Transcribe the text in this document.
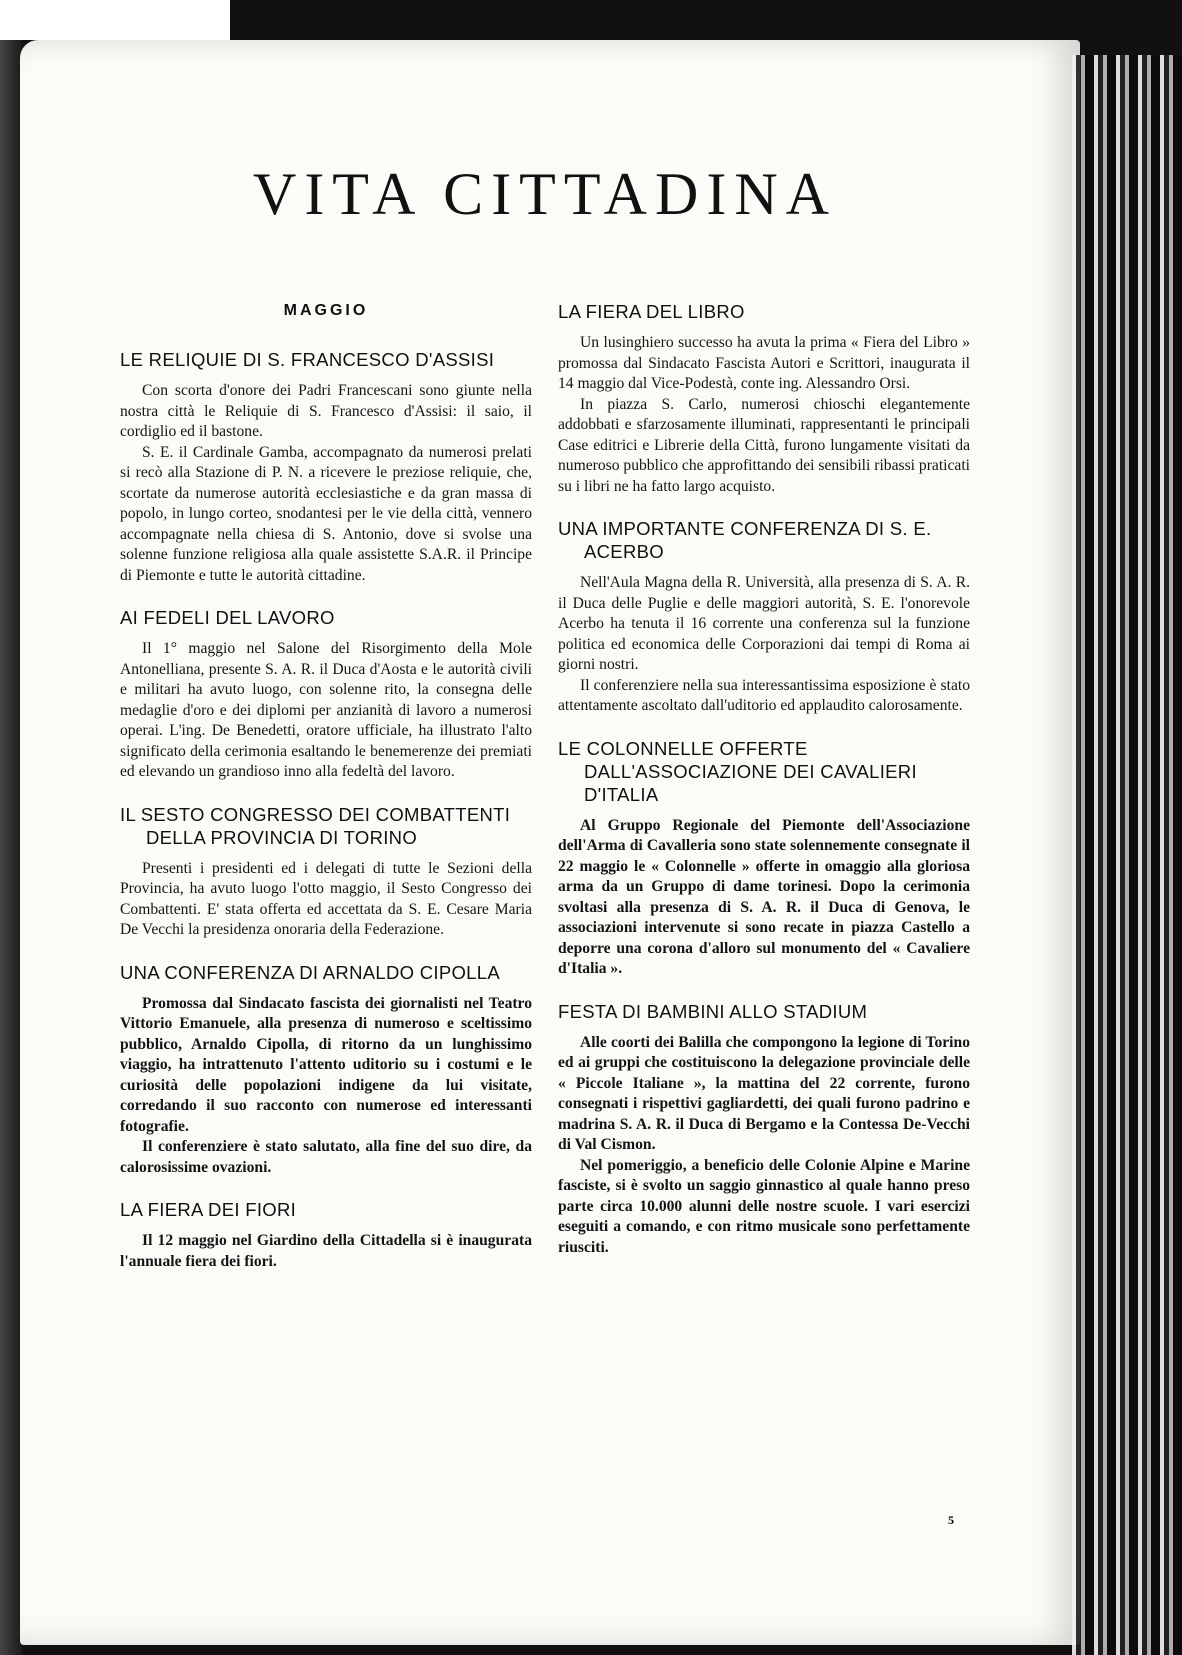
VITA CITTADINA
MAGGIO
LE RELIQUIE DI S. FRANCESCO D'ASSISI

Con scorta d'onore dei Padri Francescani sono giunte nella nostra città le Reliquie di S. Francesco d'Assisi: il saio, il cordiglio ed il bastone.

S. E. il Cardinale Gamba, accompagnato da numerosi prelati si recò alla Stazione di P. N. a ricevere le preziose reliquie, che, scortate da numerose autorità ecclesiastiche e da gran massa di popolo, in lungo corteo, snodantesi per le vie della città, vennero accompagnate nella chiesa di S. Antonio, dove si svolse una solenne funzione religiosa alla quale assistette S.A.R. il Principe di Piemonte e tutte le autorità cittadine.

AI FEDELI DEL LAVORO

Il 1° maggio nel Salone del Risorgimento della Mole Antonelliana, presente S. A. R. il Duca d'Aosta e le autorità civili e militari ha avuto luogo, con solenne rito, la consegna delle medaglie d'oro e dei diplomi per anzianità di lavoro a numerosi operai. L'ing. De Benedetti, oratore ufficiale, ha illustrato l'alto significato della cerimonia esaltando le benemerenze dei premiati ed elevando un grandioso inno alla fedeltà del lavoro.

IL SESTO CONGRESSO DEI COMBATTENTI DELLA PROVINCIA DI TORINO

Presenti i presidenti ed i delegati di tutte le Sezioni della Provincia, ha avuto luogo l'otto maggio, il Sesto Congresso dei Combattenti. E' stata offerta ed accettata da S. E. Cesare Maria De Vecchi la presidenza onoraria della Federazione.

UNA CONFERENZA DI ARNALDO CIPOLLA

Promossa dal Sindacato fascista dei giornalisti nel Teatro Vittorio Emanuele, alla presenza di numeroso e sceltissimo pubblico, Arnaldo Cipolla, di ritorno da un lunghissimo viaggio, ha intrattenuto l'attento uditorio su i costumi e le curiosità delle popolazioni indigene da lui visitate, corredando il suo racconto con numerose ed interessanti fotografie.

Il conferenziere è stato salutato, alla fine del suo dire, da calorosissime ovazioni.

LA FIERA DEI FIORI

Il 12 maggio nel Giardino della Cittadella si è inaugurata l'annuale fiera dei fiori.

LA FIERA DEL LIBRO

Un lusinghiero successo ha avuta la prima « Fiera del Libro » promossa dal Sindacato Fascista Autori e Scrittori, inaugurata il 14 maggio dal Vice-Podestà, conte ing. Alessandro Orsi.

In piazza S. Carlo, numerosi chioschi elegantemente addobbati e sfarzosamente illuminati, rappresentanti le principali Case editrici e Librerie della Città, furono lungamente visitati da numeroso pubblico che approfittando dei sensibili ribassi praticati su i libri ne ha fatto largo acquisto.

UNA IMPORTANTE CONFERENZA DI S. E. ACERBO

Nell'Aula Magna della R. Università, alla presenza di S. A. R. il Duca delle Puglie e delle maggiori autorità, S. E. l'onorevole Acerbo ha tenuta il 16 corrente una conferenza sul la funzione politica ed economica delle Corporazioni dai tempi di Roma ai giorni nostri.

Il conferenziere nella sua interessantissima esposizione è stato attentamente ascoltato dall'uditorio ed applaudito calorosamente.

LE COLONNELLE OFFERTE DALL'ASSOCIAZIONE DEI CAVALIERI D'ITALIA

Al Gruppo Regionale del Piemonte dell'Associazione dell'Arma di Cavalleria sono state solennemente consegnate il 22 maggio le « Colonnelle » offerte in omaggio alla gloriosa arma da un Gruppo di dame torinesi. Dopo la cerimonia svoltasi alla presenza di S. A. R. il Duca di Genova, le associazioni intervenute si sono recate in piazza Castello a deporre una corona d'alloro sul monumento del « Cavaliere d'Italia ».

FESTA DI BAMBINI ALLO STADIUM

Alle coorti dei Balilla che compongono la legione di Torino ed ai gruppi che costituiscono la delegazione provinciale delle « Piccole Italiane », la mattina del 22 corrente, furono consegnati i rispettivi gagliardetti, dei quali furono padrino e madrina S. A. R. il Duca di Bergamo e la Contessa De-Vecchi di Val Cismon.

Nel pomeriggio, a beneficio delle Colonie Alpine e Marine fasciste, si è svolto un saggio ginnastico al quale hanno preso parte circa 10.000 alunni delle nostre scuole. I vari esercizi eseguiti a comando, e con ritmo musicale sono perfettamente riusciti.

5
